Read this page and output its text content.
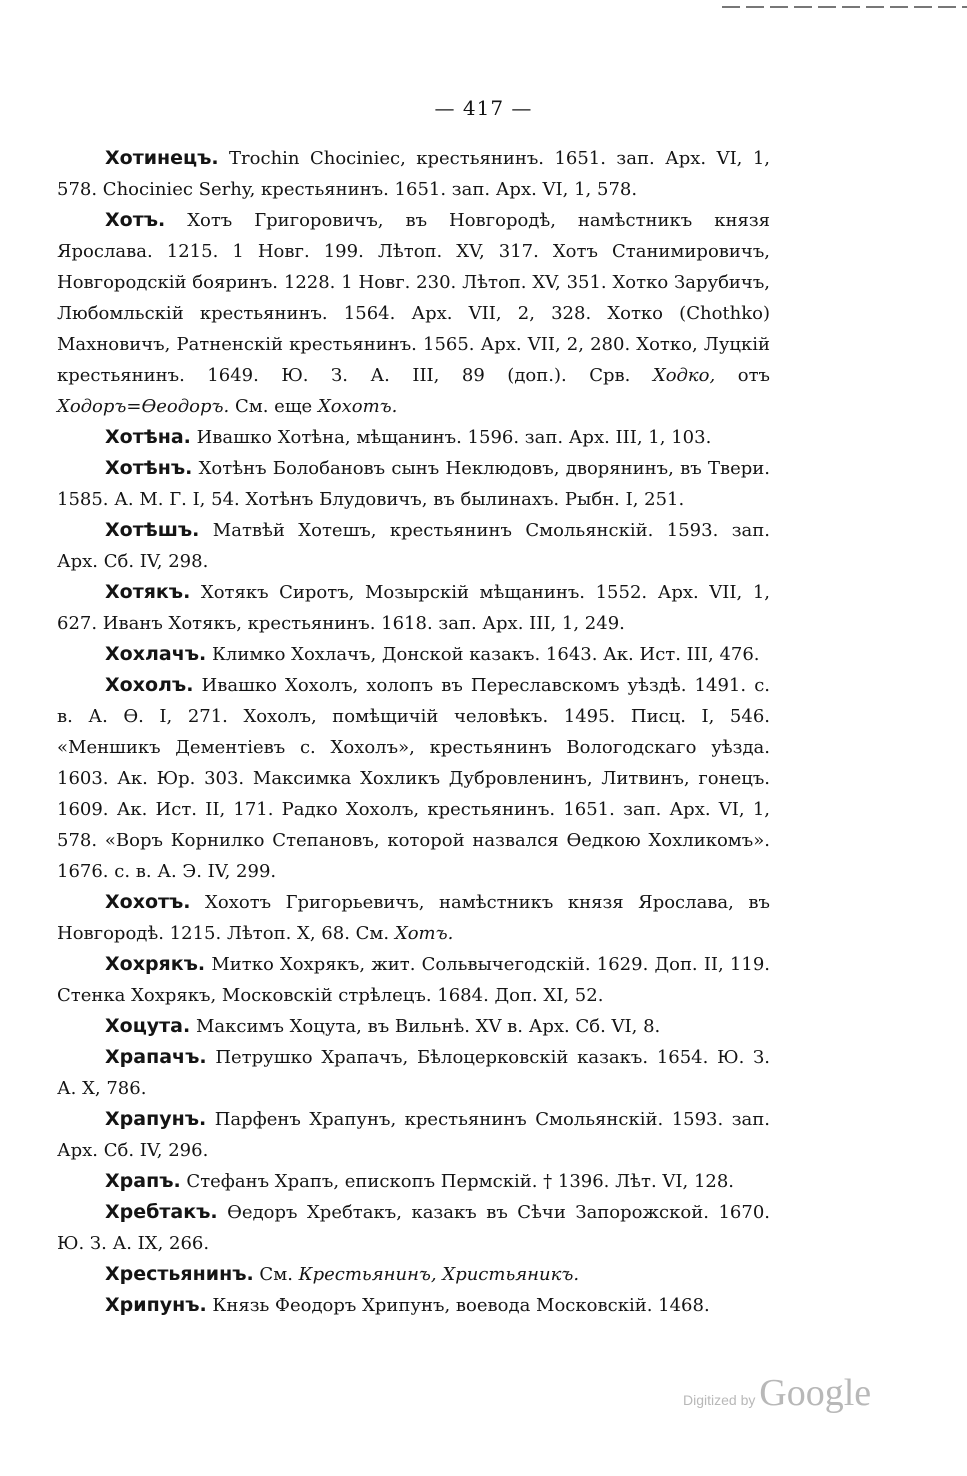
— 417 —

Хотинецъ. Trochin Chociniec, крестьянинъ. 1651. зап. Арх. VI, 1, 578. Chociniec Serhy, крестьянинъ. 1651. зап. Арх. VI, 1, 578.

Хотъ. Хотъ Григоровичъ, въ Новгородѣ, намѣстникъ князя Ярослава. 1215. 1 Новг. 199. Лѣтоп. XV, 317. Хотъ Станимировичъ, Новгородскій бояринъ. 1228. 1 Новг. 230. Лѣтоп. XV, 351. Хотко Зарубичъ, Любомльскій крестьянинъ. 1564. Арх. VII, 2, 328. Хотко (Chothko) Махновичъ, Ратненскій крестьянинъ. 1565. Арх. VII, 2, 280. Хотко, Луцкій крестьянинъ. 1649. Ю. З. А. III, 89 (доп.). Срв. Ходко, отъ Ходоръ=Ѳеодоръ. См. еще Хохотъ.

Хотѣна. Ивашко Хотѣна, мѣщанинъ. 1596. зап. Арх. III, 1, 103.

Хотѣнъ. Хотѣнъ Болобановъ сынъ Неклюдовъ, дворянинъ, въ Твери. 1585. А. М. Г. I, 54. Хотѣнъ Блудовичъ, въ былинахъ. Рыбн. I, 251.

Хотѣшъ. Матвѣй Хотешъ, крестьянинъ Смольянскій. 1593. зап. Арх. Сб. IV, 298.

Хотякъ. Хотякъ Сиротъ, Мозырскій мѣщанинъ. 1552. Арх. VII, 1, 627. Иванъ Хотякъ, крестьянинъ. 1618. зап. Арх. III, 1, 249.

Хохлачъ. Климко Хохлачъ, Донской казакъ. 1643. Ак. Ист. III, 476.

Хохолъ. Ивашко Хохолъ, холопъ въ Переславскомъ уѣздѣ. 1491. с. в. А. Ѳ. I, 271. Хохолъ, помѣщичій человѣкъ. 1495. Писц. I, 546. «Меншикъ Дементіевъ с. Хохолъ», крестьянинъ Вологодскаго уѣзда. 1603. Ак. Юр. 303. Максимка Хохликъ Дубровленинъ, Литвинъ, гонецъ. 1609. Ак. Ист. II, 171. Радко Хохолъ, крестьянинъ. 1651. зап. Арх. VI, 1, 578. «Воръ Корнилко Степановъ, которой назвался Ѳедкою Хохликомъ». 1676. с. в. А. Э. IV, 299.

Хохотъ. Хохотъ Григорьевичъ, намѣстникъ князя Ярослава, въ Новгородѣ. 1215. Лѣтоп. X, 68. См. Хотъ.

Хохрякъ. Митко Хохрякъ, жит. Сольвычегодскій. 1629. Доп. II, 119. Стенка Хохрякъ, Московскій стрѣлецъ. 1684. Доп. XI, 52.

Хоцута. Максимъ Хоцута, въ Вильнѣ. XV в. Арх. Сб. VI, 8.

Храпачъ. Петрушко Храпачъ, Бѣлоцерковскій казакъ. 1654. Ю. З. А. X, 786.

Храпунъ. Парфенъ Храпунъ, крестьянинъ Смольянскій. 1593. зап. Арх. Сб. IV, 296.

Храпъ. Стефанъ Храпъ, епископъ Пермскій. † 1396. Лѣт. VI, 128.

Хребтакъ. Ѳедоръ Хребтакъ, казакъ въ Сѣчи Запорожской. 1670. Ю. З. А. IX, 266.

Хрестьянинъ. См. Крестьянинъ, Христьяникъ.

Хрипунъ. Князь Феодоръ Хрипунъ, воевода Московскій. 1468.

Digitized by Google
